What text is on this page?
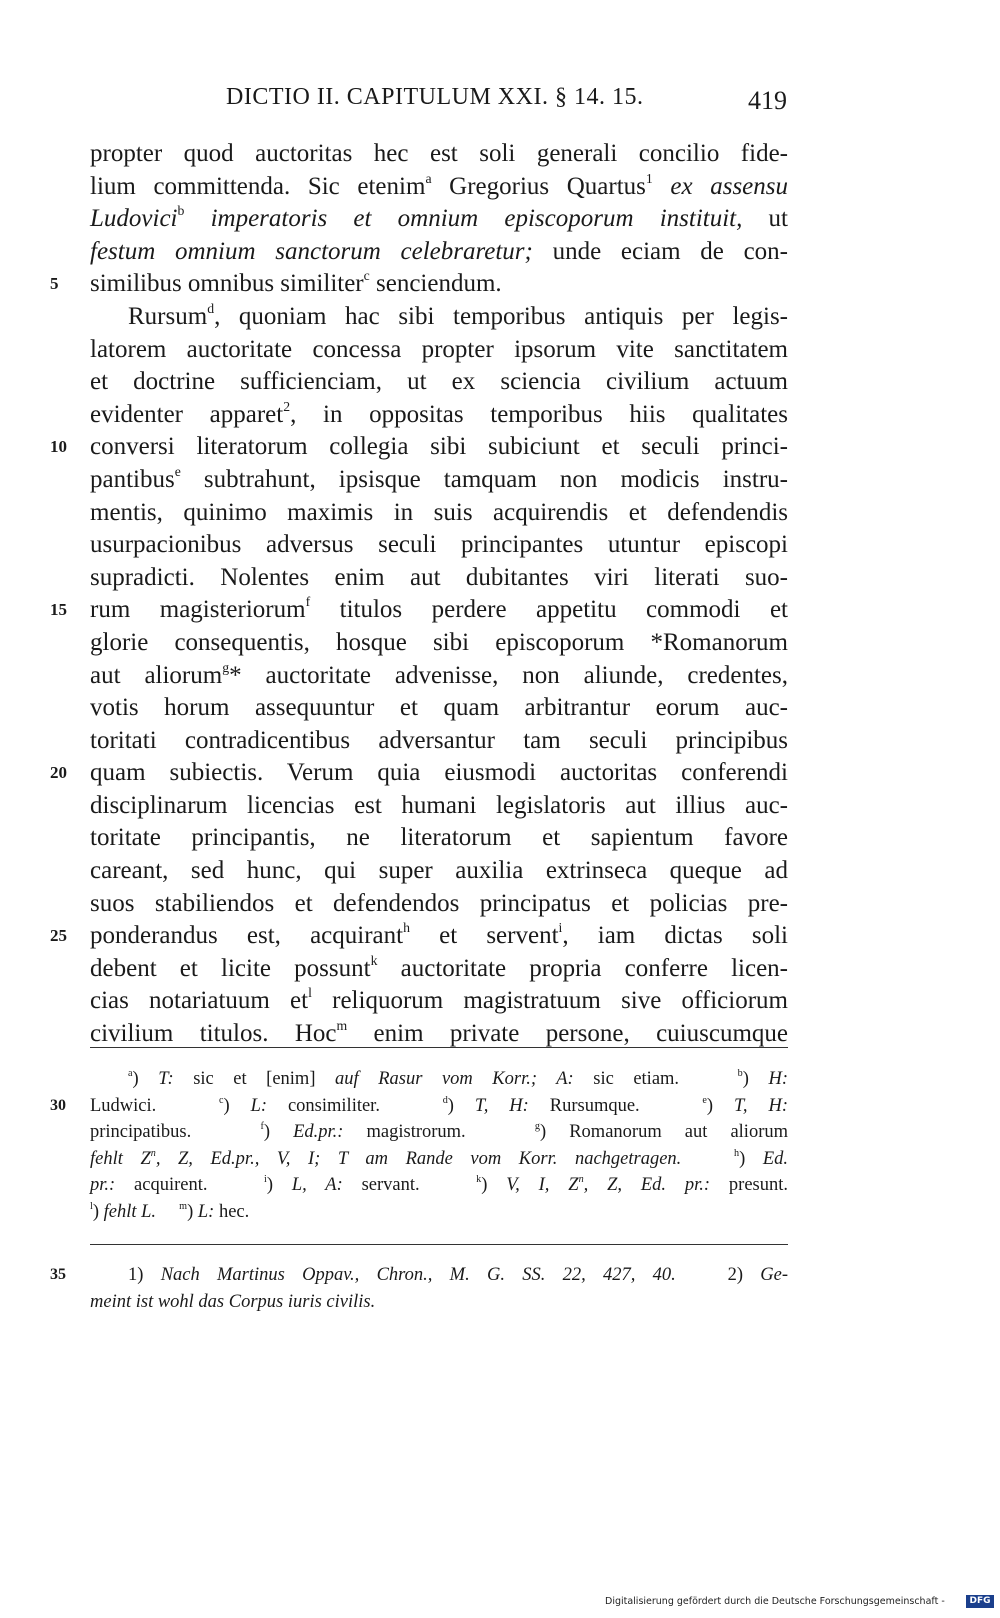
DICTIO II. CAPITULUM XXI. § 14. 15.	419
propter quod auctoritas hec est soli generali concilio fide-
lium committenda. Sic etenim$^a$ Gregorius Quartus$^1$ ex assensu
Ludovici$^b$ imperatoris et omnium episcoporum instituit, ut
festum omnium sanctorum celebraretur; unde eciam de con-
5	similibus omnibus similiter$^c$ senciendum.
Rursum$^d$, quoniam hac sibi temporibus antiquis per legis-
latorem auctoritate concessa propter ipsorum vite sanctitatem
et doctrine sufficienciam, ut ex sciencia civilium actuum
evidenter apparet$^2$, in oppositas temporibus hiis qualitates
10 conversi literatorum collegia sibi subiciunt et seculi princi-
pantibus$^e$ subtrahunt, ipsisque tamquam non modicis instru-
mentis, quinimo maximis in suis acquirendis et defendendis
usurpacionibus adversus seculi principantes utuntur episcopi
supradicti. Nolentes enim aut dubitantes viri literati suo-
15 rum magisteriorum$^f$ titulos perdere appetitu commodi et
glorie consequentis, hosque sibi episcoporum *Romanorum
aut aliorum$^g$* auctoritate advenisse, non aliunde, credentes,
votis horum assequuntur et quam arbitrantur eorum auc-
toritati contradicentibus adversantur tam seculi principibus
20 quam subiectis. Verum quia eiusmodi auctoritas conferendi
disciplinarum licencias est humani legislatoris aut illius auc-
toritate principantis, ne literatorum et sapientum favore
careant, sed hunc, qui super auxilia extrinseca queque ad
suos stabiliendos et defendendos principatus et policias pre-
25 ponderandus est, acquirant$^h$ et servent$^i$, iam dictas soli
debent et licite possunt$^k$ auctoritate propria conferre licen-
cias notariatuum $et^l$ reliquorum magistratuum sive officiorum
civilium titulos. Hoc$^m$ enim private persone, cuiuscumque
$^a$) T: sic et [enim] auf Rasur vom Korr.; A: sic etiam.   $^b$) H:
30	Ludwici.   $^c$) L: consimiliter.   $^d$) T, H: Rursumque.   $^e$) T, H:
principatibus.   $^f$) Ed.pr.: magistrorum.   $^g$) Romanorum aut aliorum
fehlt $Z^n$, Z, Ed.pr., V, I; T am Rande vom Korr. nachgetragen.	$^h$) Ed.
pr.: acquirent.   $^i$) L, A: servant.   $^k$) V, I, $Z^n$, Z, Ed. pr.: presunt.
$^l$) fehlt L. $^m$) L: hec.
35	1) Nach Martinus Oppav., Chron., M. G. SS. 22, 427, 40.   2) Ge-
meint ist wohl das Corpus iuris civilis.
Digitalisierung gefördert durch die Deutsche Forschungsgemeinschaft -	DFG
